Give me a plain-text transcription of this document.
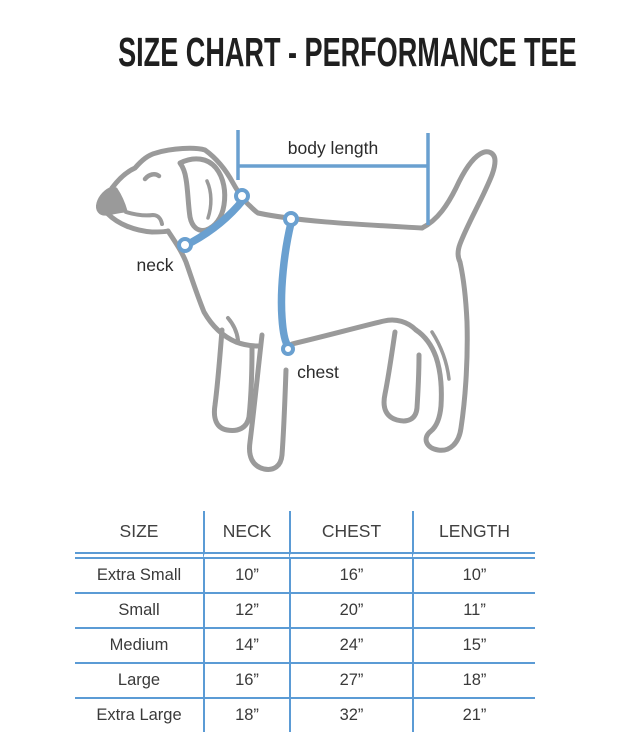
SIZE CHART - PERFORMANCE TEE
body length
neck
chest
SIZE	NECK	CHEST	LENGTH
Extra Small	10”	16”	10”
Small	12”	20”	11”
Medium	14”	24”	15”
Large	16”	27”	18”
Extra Large	18”	32”	21”
